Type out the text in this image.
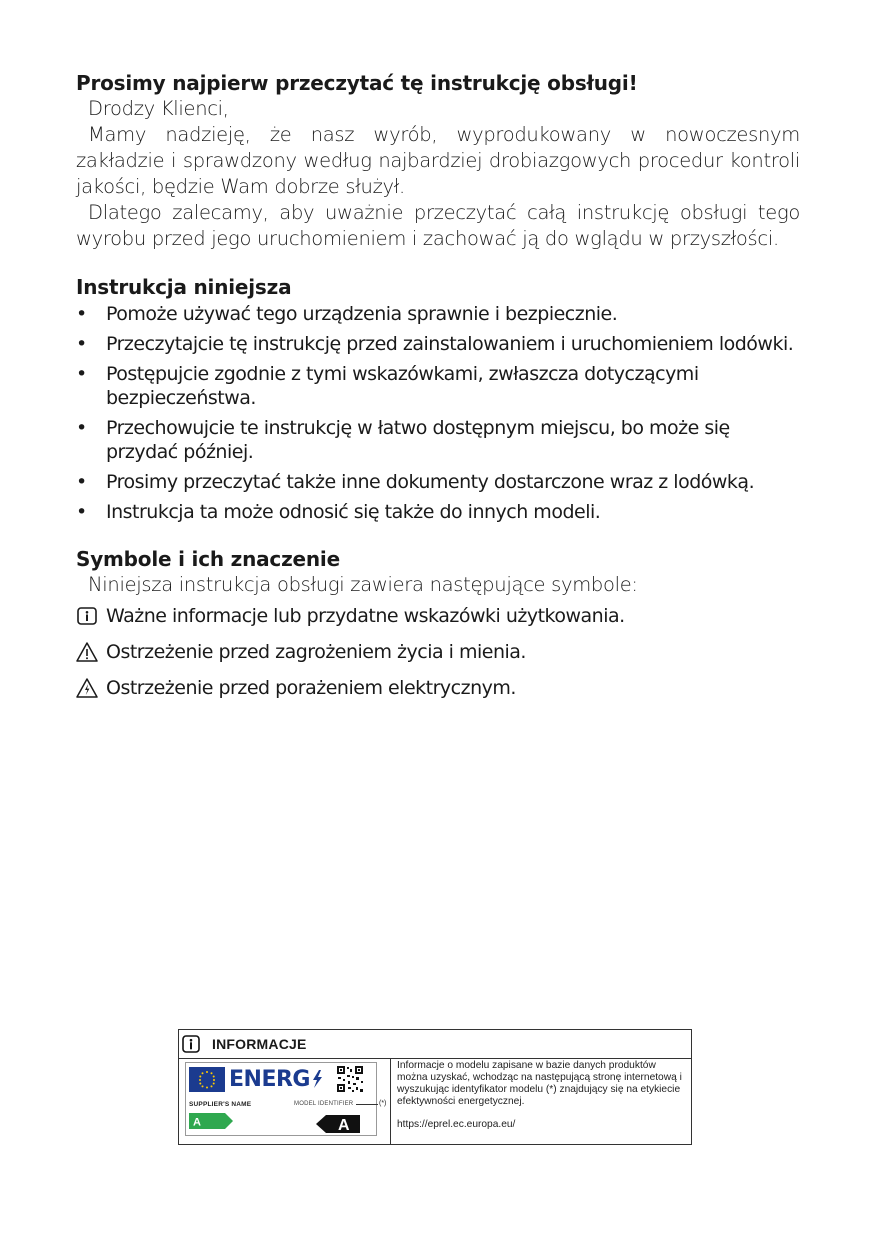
Prosimy najpierw przeczytać tę instrukcję obsługi!

Drodzy Klienci,

Mamy nadzieję, że nasz wyrób, wyprodukowany w nowoczesnym zakładzie i sprawdzony według najbardziej drobiazgowych procedur kontroli jakości, będzie Wam dobrze służył.

Dlatego zalecamy, aby uważnie przeczytać całą instrukcję obsługi tego wyrobu przed jego uruchomieniem i zachować ją do wglądu w przyszłości.

Instrukcja niniejsza
• Pomoże używać tego urządzenia sprawnie i bezpiecznie.
• Przeczytajcie tę instrukcję przed zainstalowaniem i uruchomieniem lodówki.
• Postępujcie zgodnie z tymi wskazówkami, zwłaszcza dotyczącymi bezpieczeństwa.
• Przechowujcie te instrukcję w łatwo dostępnym miejscu, bo może się przydać później.
• Prosimy przeczytać także inne dokumenty dostarczone wraz z lodówką.
• Instrukcja ta może odnosić się także do innych modeli.
Symbole i ich znaczenie

Niniejsza instrukcja obsługi zawiera następujące symbole:

Ważne informacje lub przydatne wskazówki użytkowania.
Ostrzeżenie przed zagrożeniem życia i mienia.
Ostrzeżenie przed porażeniem elektrycznym.
INFORMACJE
ENERG
SUPPLIER'S NAME	MODEL IDENTIFIER	(*)
A	A
Informacje o modelu zapisane w bazie danych produktów można uzyskać, wchodząc na następującą stronę internetową i wyszukując identyfikator modelu (*) znajdujący się na etykiecie efektywności energetycznej.
https://eprel.ec.europa.eu/
